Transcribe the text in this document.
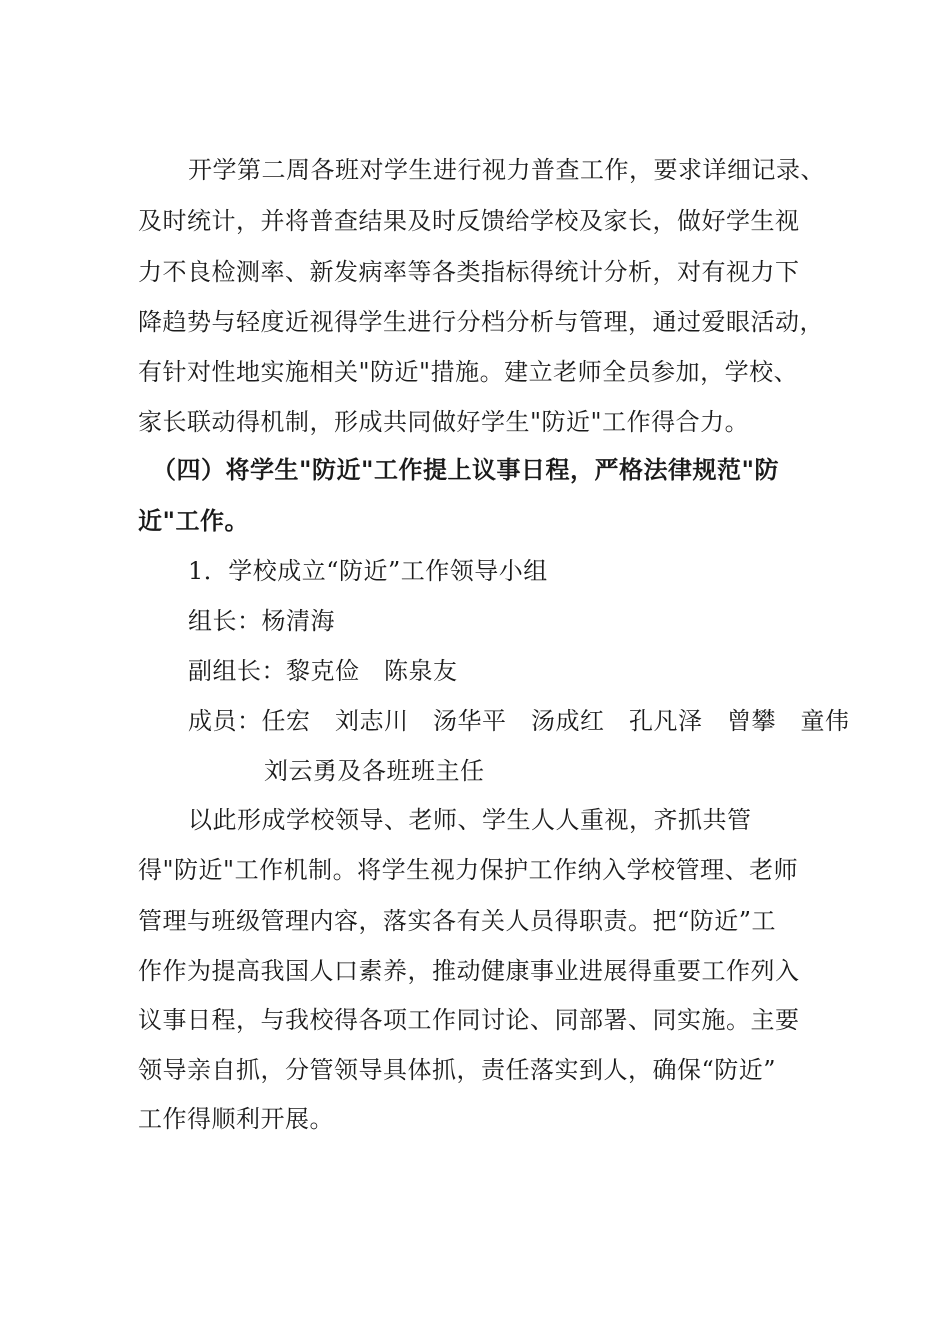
开学第二周各班对学生进行视力普查工作，要求详细记录、
及时统计，并将普查结果及时反馈给学校及家长，做好学生视
力不良检测率、新发病率等各类指标得统计分析，对有视力下
降趋势与轻度近视得学生进行分档分析与管理，通过爱眼活动，
有针对性地实施相关"防近"措施。建立老师全员参加，学校、
家长联动得机制，形成共同做好学生"防近"工作得合力。
（四）将学生"防近"工作提上议事日程，严格法律规范"防
近"工作。
1．学校成立“防近”工作领导小组
组长：杨清海
副组长：黎克俭　陈泉友
成员：任宏　刘志川　汤华平　汤成红　孔凡泽　曾攀　童伟
刘云勇及各班班主任
以此形成学校领导、老师、学生人人重视，齐抓共管
得"防近"工作机制。将学生视力保护工作纳入学校管理、老师
管理与班级管理内容，落实各有关人员得职责。把“防近”工
作作为提高我国人口素养，推动健康事业进展得重要工作列入
议事日程，与我校得各项工作同讨论、同部署、同实施。主要
领导亲自抓，分管领导具体抓，责任落实到人，确保“防近”
工作得顺利开展。
